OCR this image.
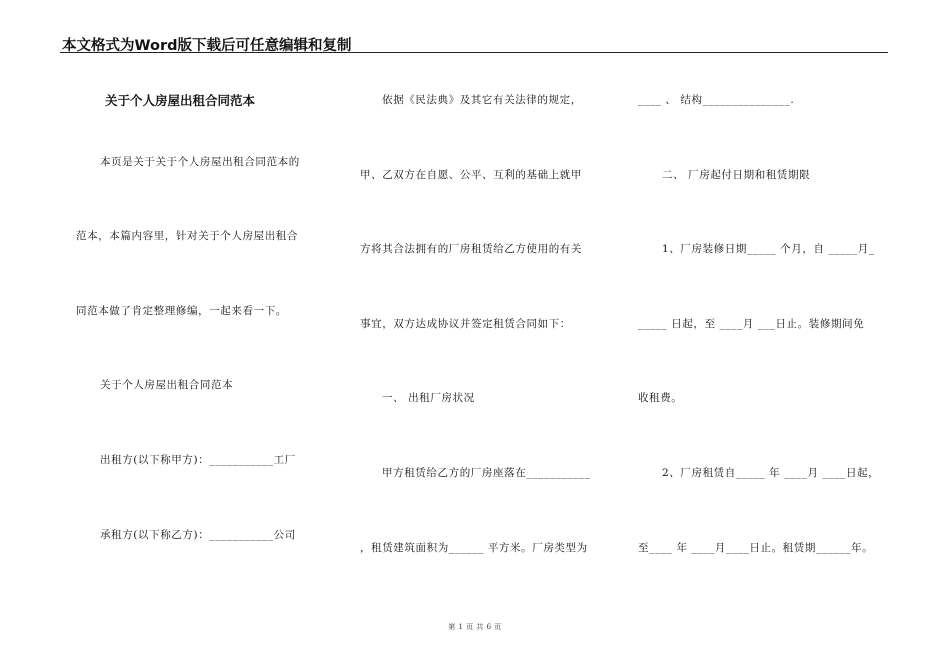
本文格式为Word版下载后可任意编辑和复制
关于个人房屋出租合同范本
本页是关于关于个人房屋出租合同范本的
范本，本篇内容里，针对关于个人房屋出租合
同范本做了肯定整理修编，一起来看一下。
关于个人房屋出租合同范本
出租方(以下称甲方)：___________工厂
承租方(以下称乙方)：___________公司
依据《民法典》及其它有关法律的规定，
甲、乙双方在自愿、公平、互利的基础上就甲
方将其合法拥有的厂房租赁给乙方使用的有关
事宜，双方达成协议并签定租赁合同如下：
一、 出租厂房状况
甲方租赁给乙方的厂房座落在___________
，租赁建筑面积为______ 平方米。厂房类型为
____ 、 结构_______________.
二、 厂房起付日期和租赁期限
1、厂房装修日期_____ 个月，自 _____月_
_____ 日起，至 ____月 ___日止。装修期间免
收租费。
2、厂房租赁自_____ 年 ____月 ____日起，
至____ 年 ____月____日止。租赁期______年。
第 1 页 共 6 页
